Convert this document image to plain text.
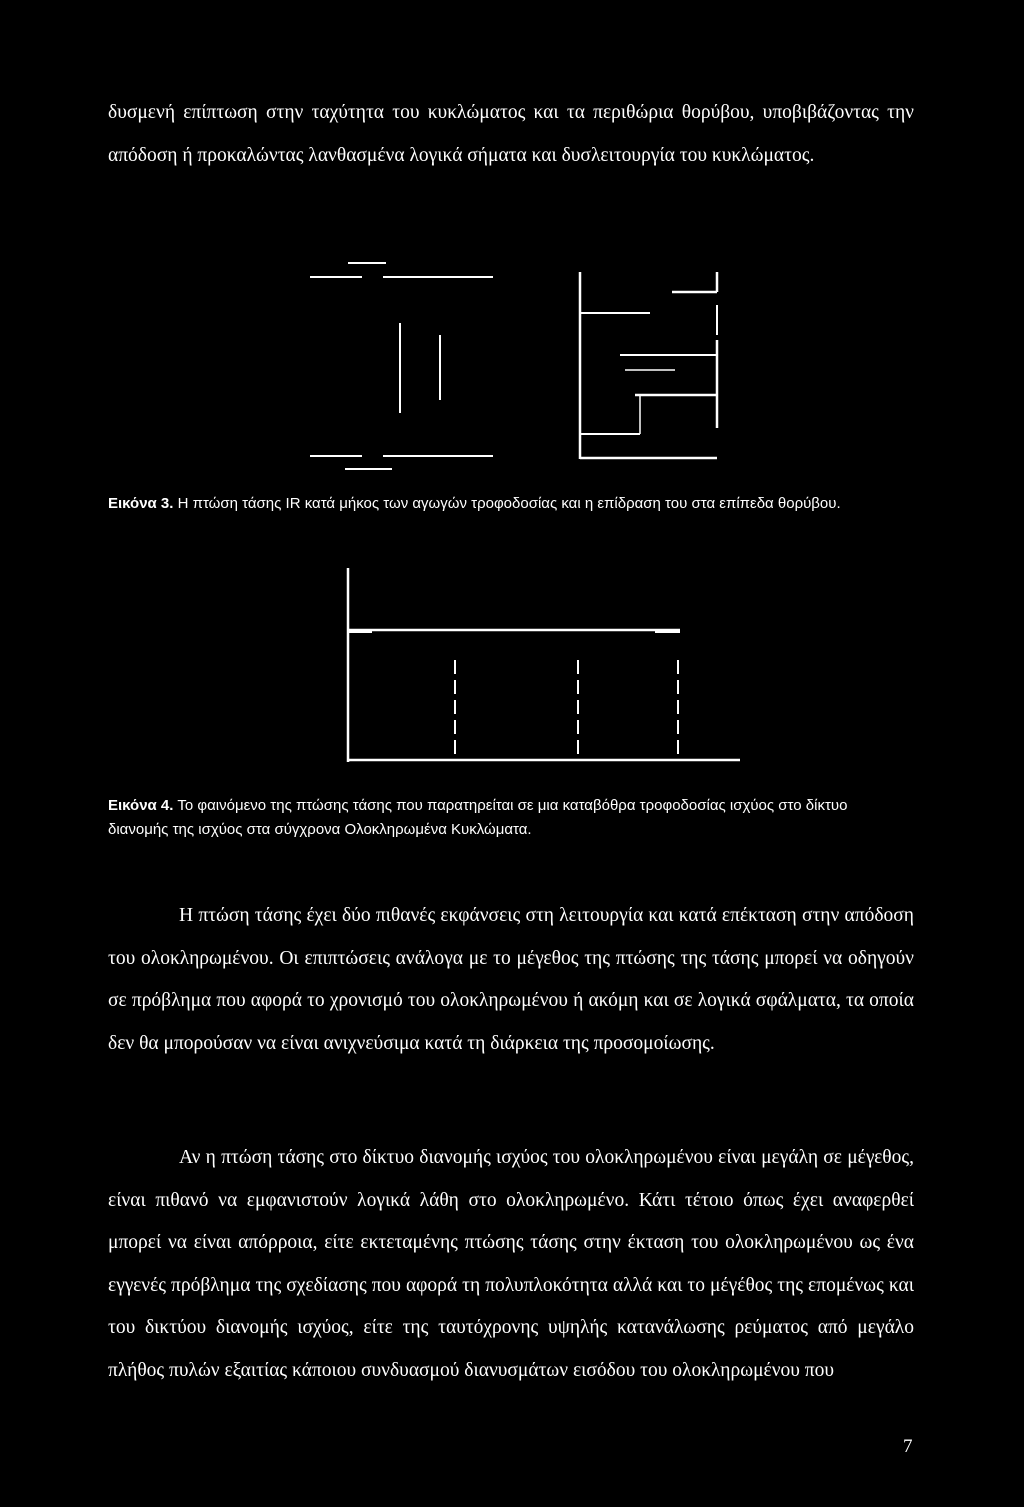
δυσμενή επίπτωση στην ταχύτητα του κυκλώματος και τα περιθώρια θορύβου, υποβιβάζοντας την απόδοση ή προκαλώντας λανθασμένα λογικά σήματα και δυσλειτουργία του κυκλώματος.

Εικόνα 3. Η πτώση τάσης IR κατά μήκος των αγωγών τροφοδοσίας και η επίδραση του στα επίπεδα θορύβου.

Εικόνα 4. Το φαινόμενο της πτώσης τάσης που παρατηρείται σε μια καταβόθρα τροφοδοσίας ισχύος στο δίκτυο διανομής της ισχύος στα σύγχρονα Ολοκληρωμένα Κυκλώματα.

Η πτώση τάσης έχει δύο πιθανές εκφάνσεις στη λειτουργία και κατά επέκταση στην απόδοση του ολοκληρωμένου. Οι επιπτώσεις ανάλογα με το μέγεθος της πτώσης της τάσης μπορεί να οδηγούν σε πρόβλημα που αφορά το χρονισμό του ολοκληρωμένου ή ακόμη και σε λογικά σφάλματα, τα οποία δεν θα μπορούσαν να είναι ανιχνεύσιμα κατά τη διάρκεια της προσομοίωσης.

Αν η πτώση τάσης στο δίκτυο διανομής ισχύος του ολοκληρωμένου είναι μεγάλη σε μέγεθος, είναι πιθανό να εμφανιστούν λογικά λάθη στο ολοκληρωμένο. Κάτι τέτοιο όπως έχει αναφερθεί μπορεί να είναι απόρροια, είτε εκτεταμένης πτώσης τάσης στην έκταση του ολοκληρωμένου ως ένα εγγενές πρόβλημα της σχεδίασης που αφορά τη πολυπλοκότητα αλλά και το μέγέθος της επομένως και του δικτύου διανομής ισχύος, είτε της ταυτόχρονης υψηλής κατανάλωσης ρεύματος από μεγάλο πλήθος πυλών εξαιτίας κάποιου συνδυασμού διανυσμάτων εισόδου του ολοκληρωμένου που

7
